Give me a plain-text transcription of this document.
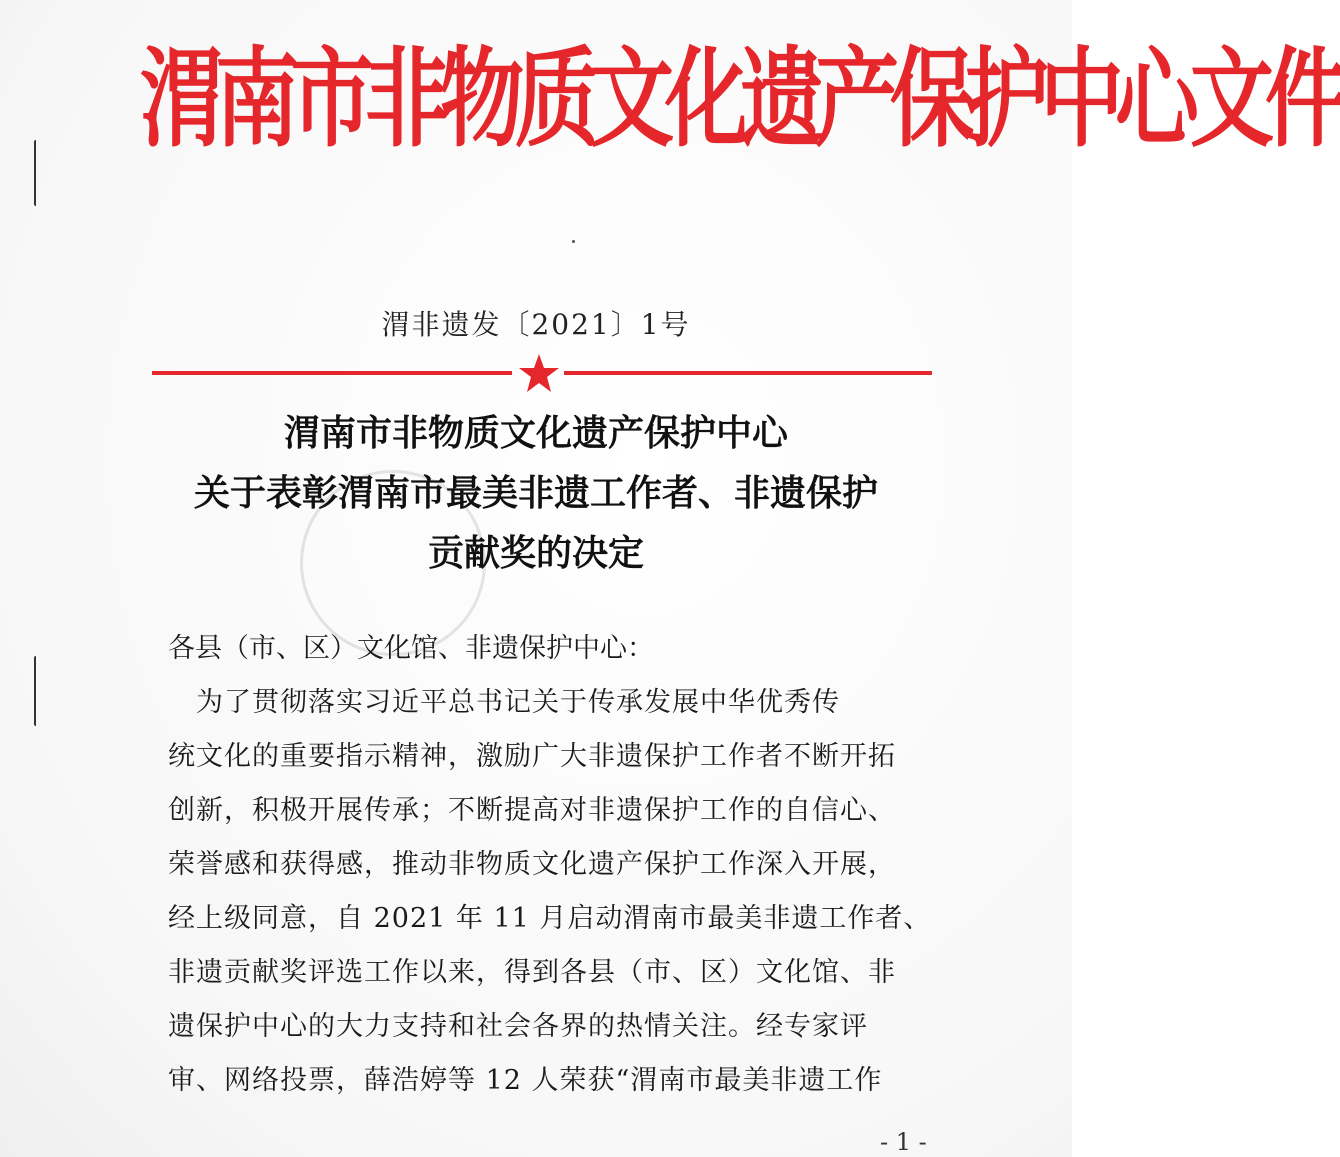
渭南市非物质文化遗产保护中心文件
渭非遗发〔2021〕1号
渭南市非物质文化遗产保护中心
关于表彰渭南市最美非遗工作者、非遗保护
贡献奖的决定
各县（市、区）文化馆、非遗保护中心：
　为了贯彻落实习近平总书记关于传承发展中华优秀传
统文化的重要指示精神，激励广大非遗保护工作者不断开拓
创新，积极开展传承；不断提高对非遗保护工作的自信心、
荣誉感和获得感，推动非物质文化遗产保护工作深入开展，
经上级同意，自 2021 年 11 月启动渭南市最美非遗工作者、
非遗贡献奖评选工作以来，得到各县（市、区）文化馆、非
遗保护中心的大力支持和社会各界的热情关注。经专家评
审、网络投票，薛浩婷等 12 人荣获“渭南市最美非遗工作
- 1 -
